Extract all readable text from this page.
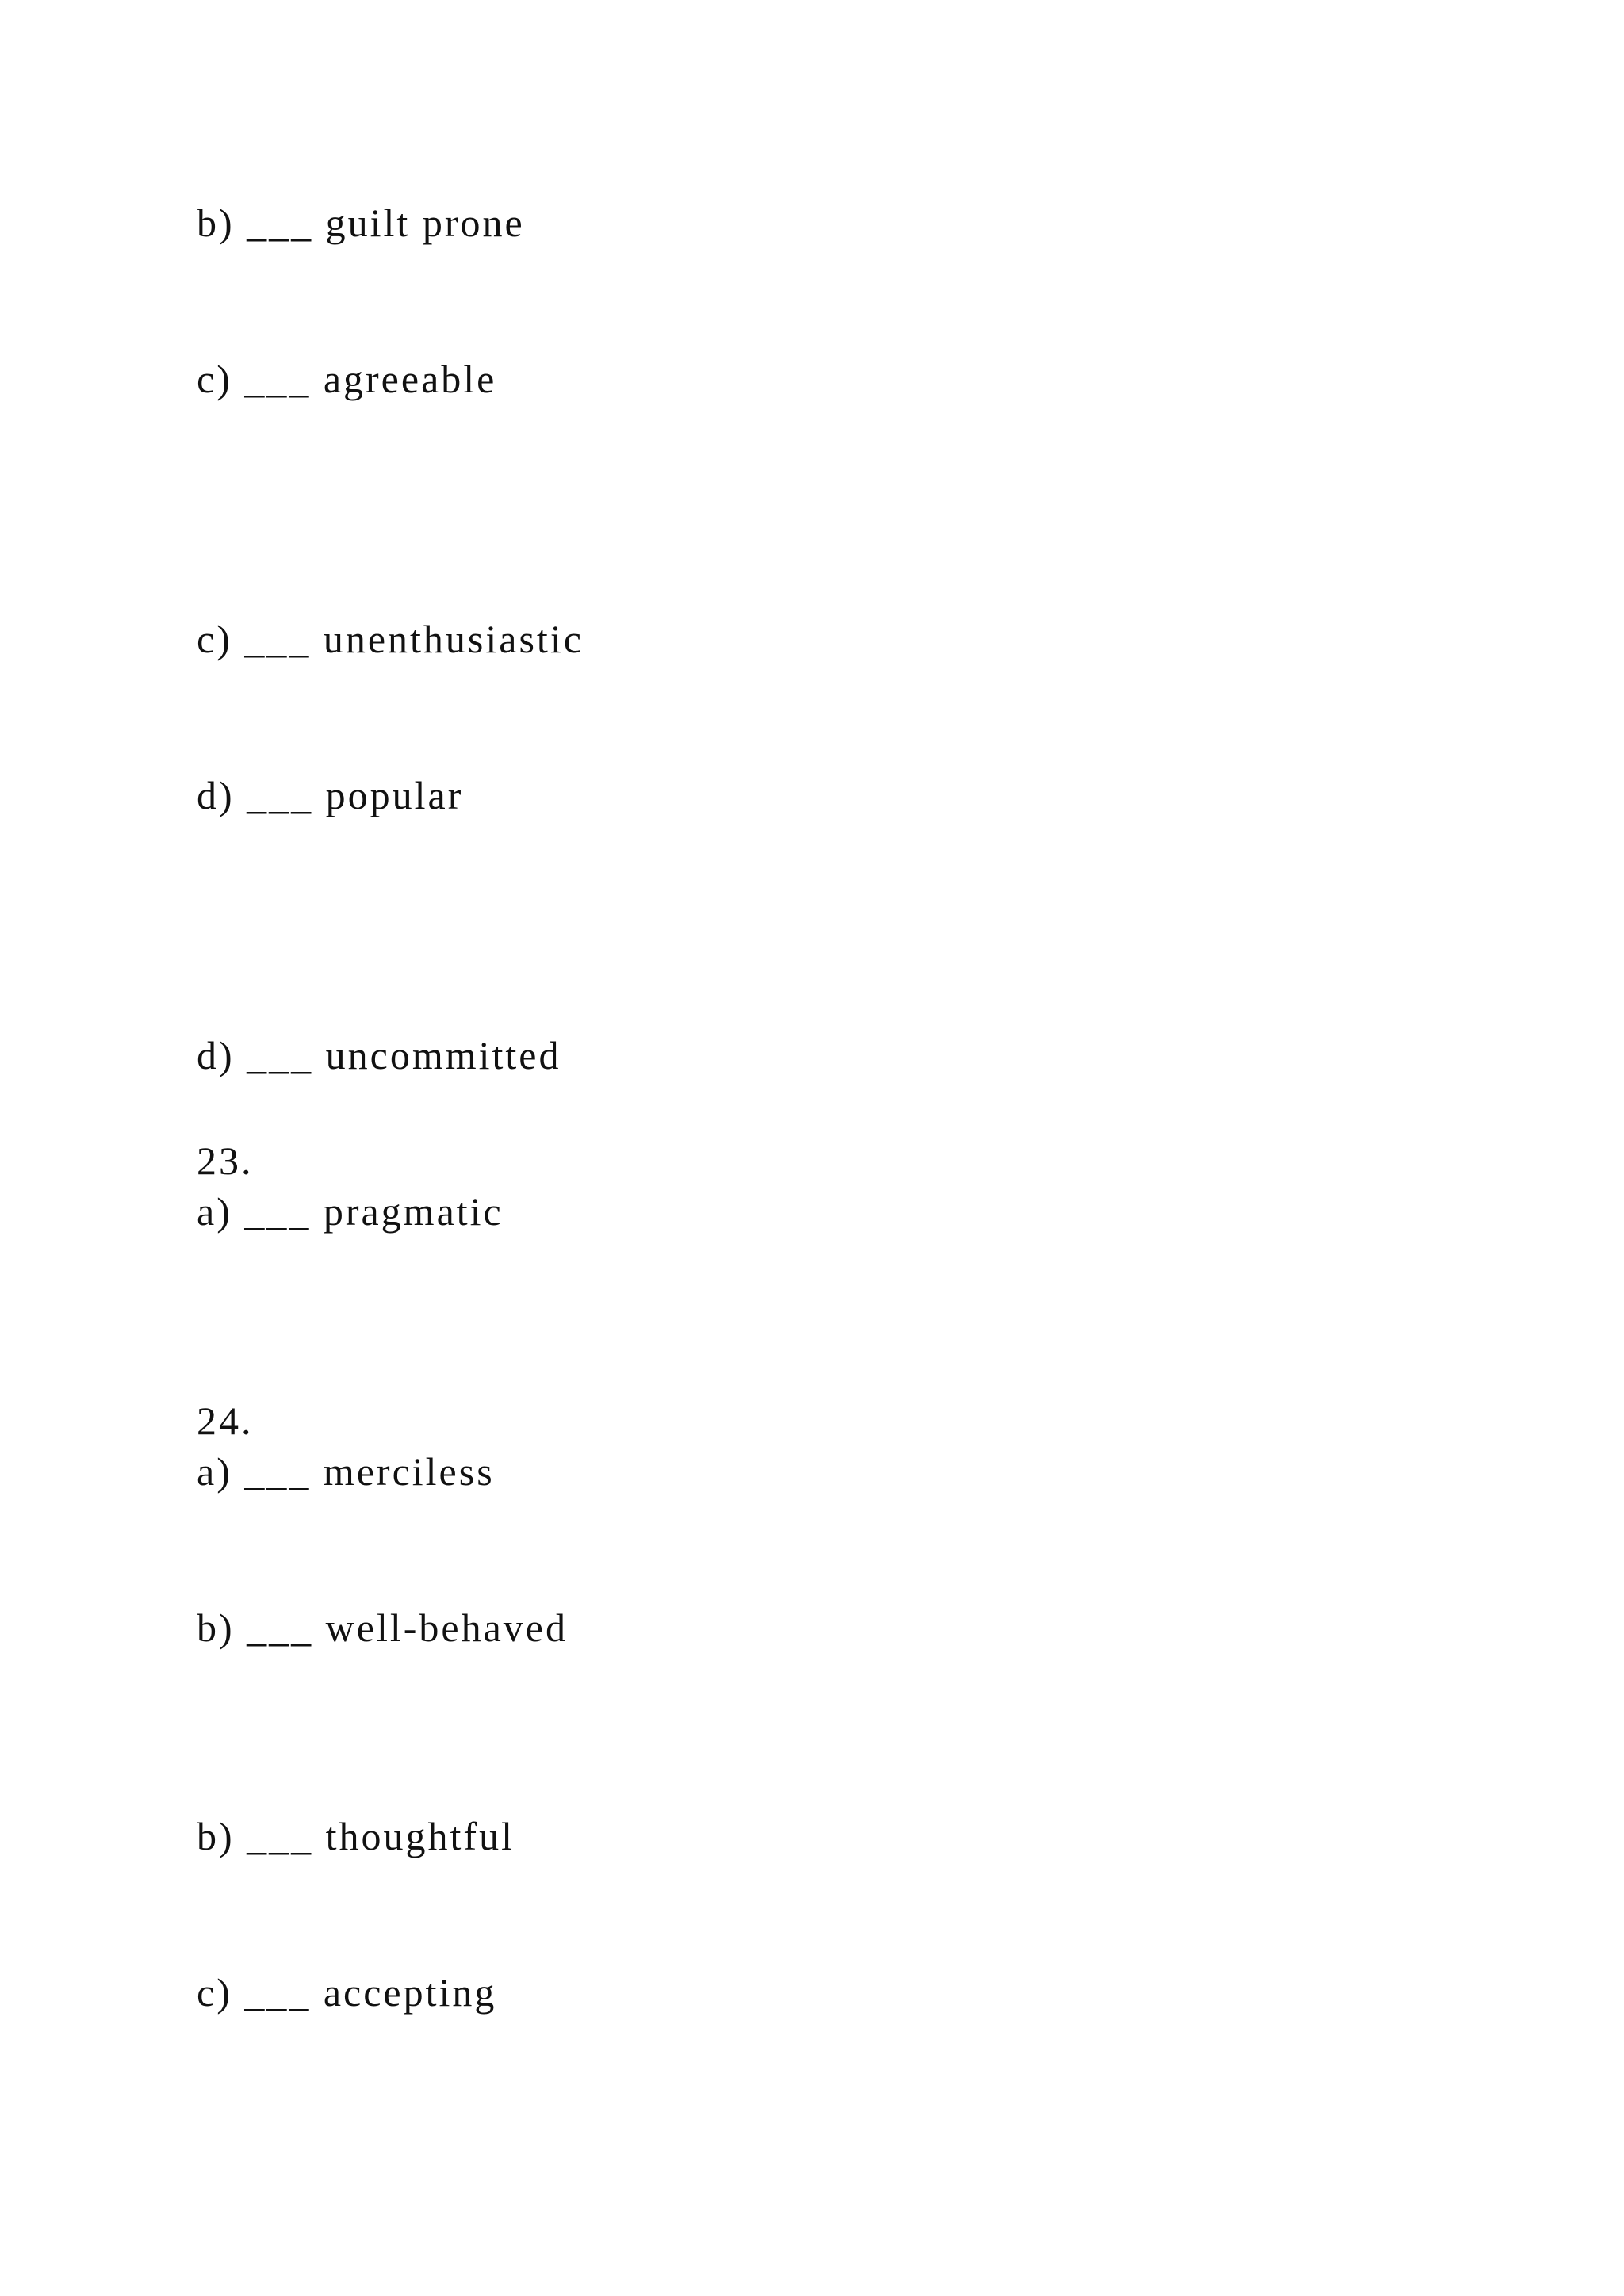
b) ___ guilt prone
c) ___ agreeable
c) ___ unenthusiastic
d) ___ popular
d) ___ uncommitted
23.
a) ___ pragmatic
24.
a) ___ merciless
b) ___ well-behaved
b) ___ thoughtful
c) ___ accepting
